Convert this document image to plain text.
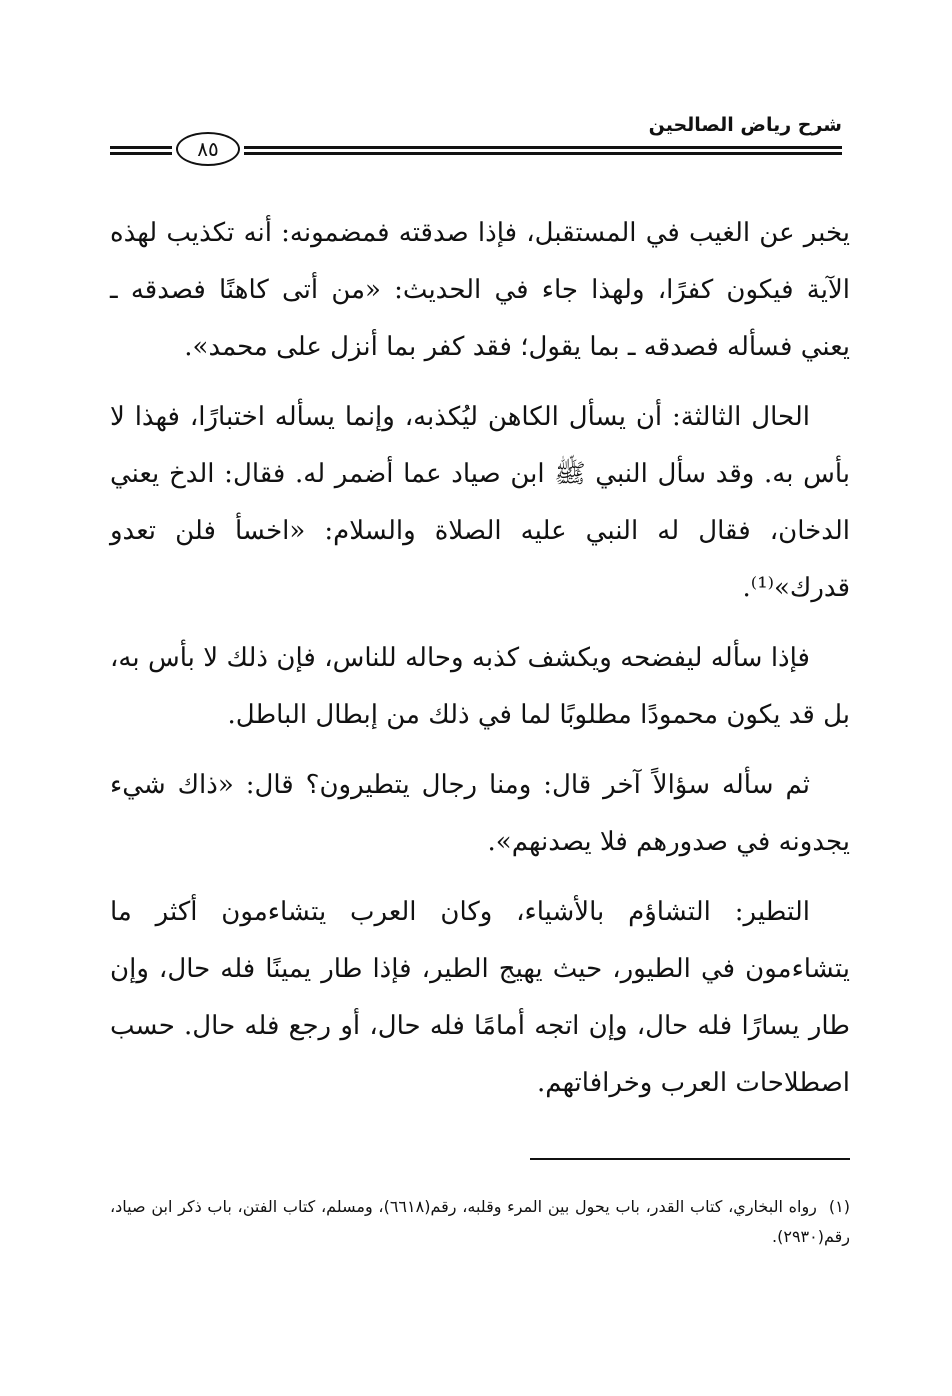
شرح رياض الصالحين
٨٥

يخبر عن الغيب في المستقبل، فإذا صدقته فمضمونه: أنه تكذيب لهذه الآية فيكون كفرًا، ولهذا جاء في الحديث: «من أتى كاهنًا فصدقه ـ يعني فسأله فصدقه ـ بما يقول؛ فقد كفر بما أنزل على محمد».

الحال الثالثة: أن يسأل الكاهن ليُكذبه، وإنما يسأله اختبارًا، فهذا لا بأس به. وقد سأل النبي ﷺ ابن صياد عما أضمر له. فقال: الدخ يعني الدخان، فقال له النبي عليه الصلاة والسلام: «اخسأ فلن تعدو قدرك»⁽¹⁾.

فإذا سأله ليفضحه ويكشف كذبه وحاله للناس، فإن ذلك لا بأس به، بل قد يكون محمودًا مطلوبًا لما في ذلك من إبطال الباطل.

ثم سأله سؤالاً آخر قال: ومنا رجال يتطيرون؟ قال: «ذاك شيء يجدونه في صدورهم فلا يصدنهم».

التطير: التشاؤم بالأشياء، وكان العرب يتشاءمون أكثر ما يتشاءمون في الطيور، حيث يهيج الطير، فإذا طار يمينًا فله حال، وإن طار يسارًا فله حال، وإن اتجه أمامًا فله حال، أو رجع فله حال. حسب اصطلاحات العرب وخرافاتهم.

(١)رواه البخاري، كتاب القدر، باب يحول بين المرء وقلبه، رقم(٦٦١٨)، ومسلم، كتاب الفتن، باب ذكر ابن صياد، رقم(٢٩٣٠).
